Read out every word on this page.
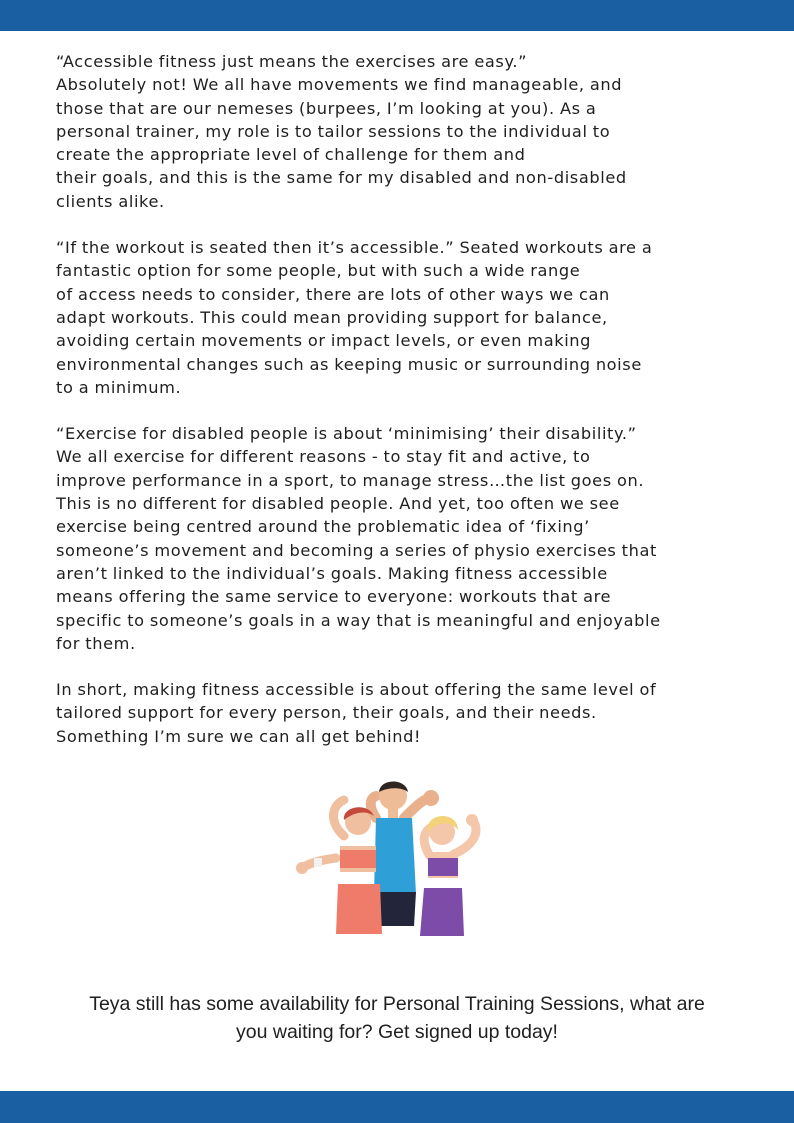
“Accessible fitness just means the exercises are easy.”
Absolutely not! We all have movements we find manageable, and
those that are our nemeses (burpees, I’m looking at you). As a
personal trainer, my role is to tailor sessions to the individual to
create the appropriate level of challenge for them and
their goals, and this is the same for my disabled and non-disabled
clients alike.

“If the workout is seated then it’s accessible.” Seated workouts are a
fantastic option for some people, but with such a wide range
of access needs to consider, there are lots of other ways we can
adapt workouts. This could mean providing support for balance,
avoiding certain movements or impact levels, or even making
environmental changes such as keeping music or surrounding noise
to a minimum.

“Exercise for disabled people is about ‘minimising’ their disability.”
We all exercise for different reasons - to stay fit and active, to
improve performance in a sport, to manage stress…the list goes on.
This is no different for disabled people. And yet, too often we see
exercise being centred around the problematic idea of ‘fixing’
someone’s movement and becoming a series of physio exercises that
aren’t linked to the individual’s goals. Making fitness accessible
means offering the same service to everyone: workouts that are
specific to someone’s goals in a way that is meaningful and enjoyable
for them.

In short, making fitness accessible is about offering the same level of
tailored support for every person, their goals, and their needs.
Something I’m sure we can all get behind!

Teya still has some availability for Personal Training Sessions, what are
you waiting for? Get signed up today!
